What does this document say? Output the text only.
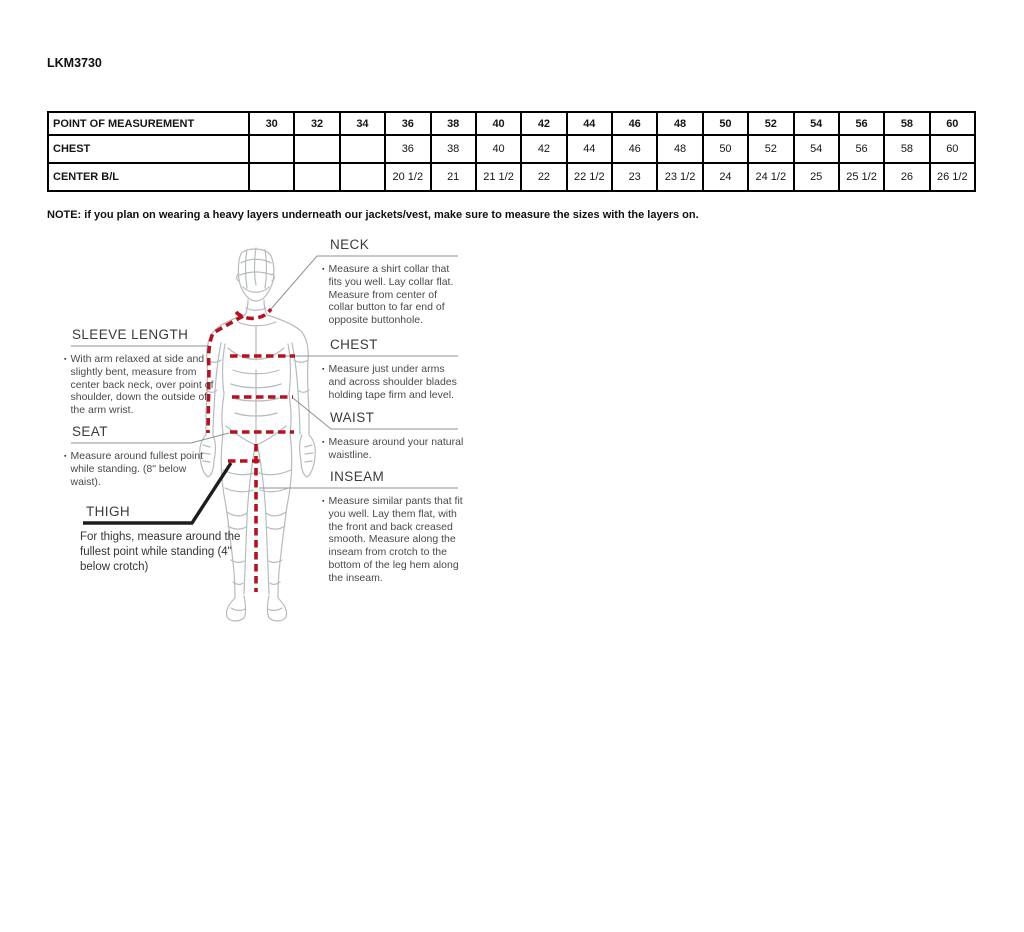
LKM3730
POINT OF MEASUREMENT	30	32	34	36	38	40	42	44	46	48	50	52	54	56	58	60
CHEST				36	38	40	42	44	46	48	50	52	54	56	58	60
CENTER B/L				20 1/2	21	21 1/2	22	22 1/2	23	23 1/2	24	24 1/2	25	25 1/2	26	26 1/2
NOTE: if you plan on wearing a heavy layers underneath our jackets/vest, make sure to measure the sizes with the layers on.
NECK
▪ Measure a shirt collar that fits you well. Lay collar flat. Measure from center of collar button to far end of opposite buttonhole.

CHEST
▪ Measure just under arms and across shoulder blades holding tape firm and level.

WAIST
▪ Measure around your natural waistline.

INSEAM
▪ Measure similar pants that fit you well. Lay them flat, with the front and back creased smooth. Measure along the inseam from crotch to the bottom of the leg hem along the inseam.

SLEEVE LENGTH
▪ With arm relaxed at side and slightly bent, measure from center back neck, over point of shoulder, down the outside of the arm wrist.

SEAT
▪ Measure around fullest point while standing. (8" below waist).

THIGH
For thighs, measure around the fullest point while standing (4" below crotch)
